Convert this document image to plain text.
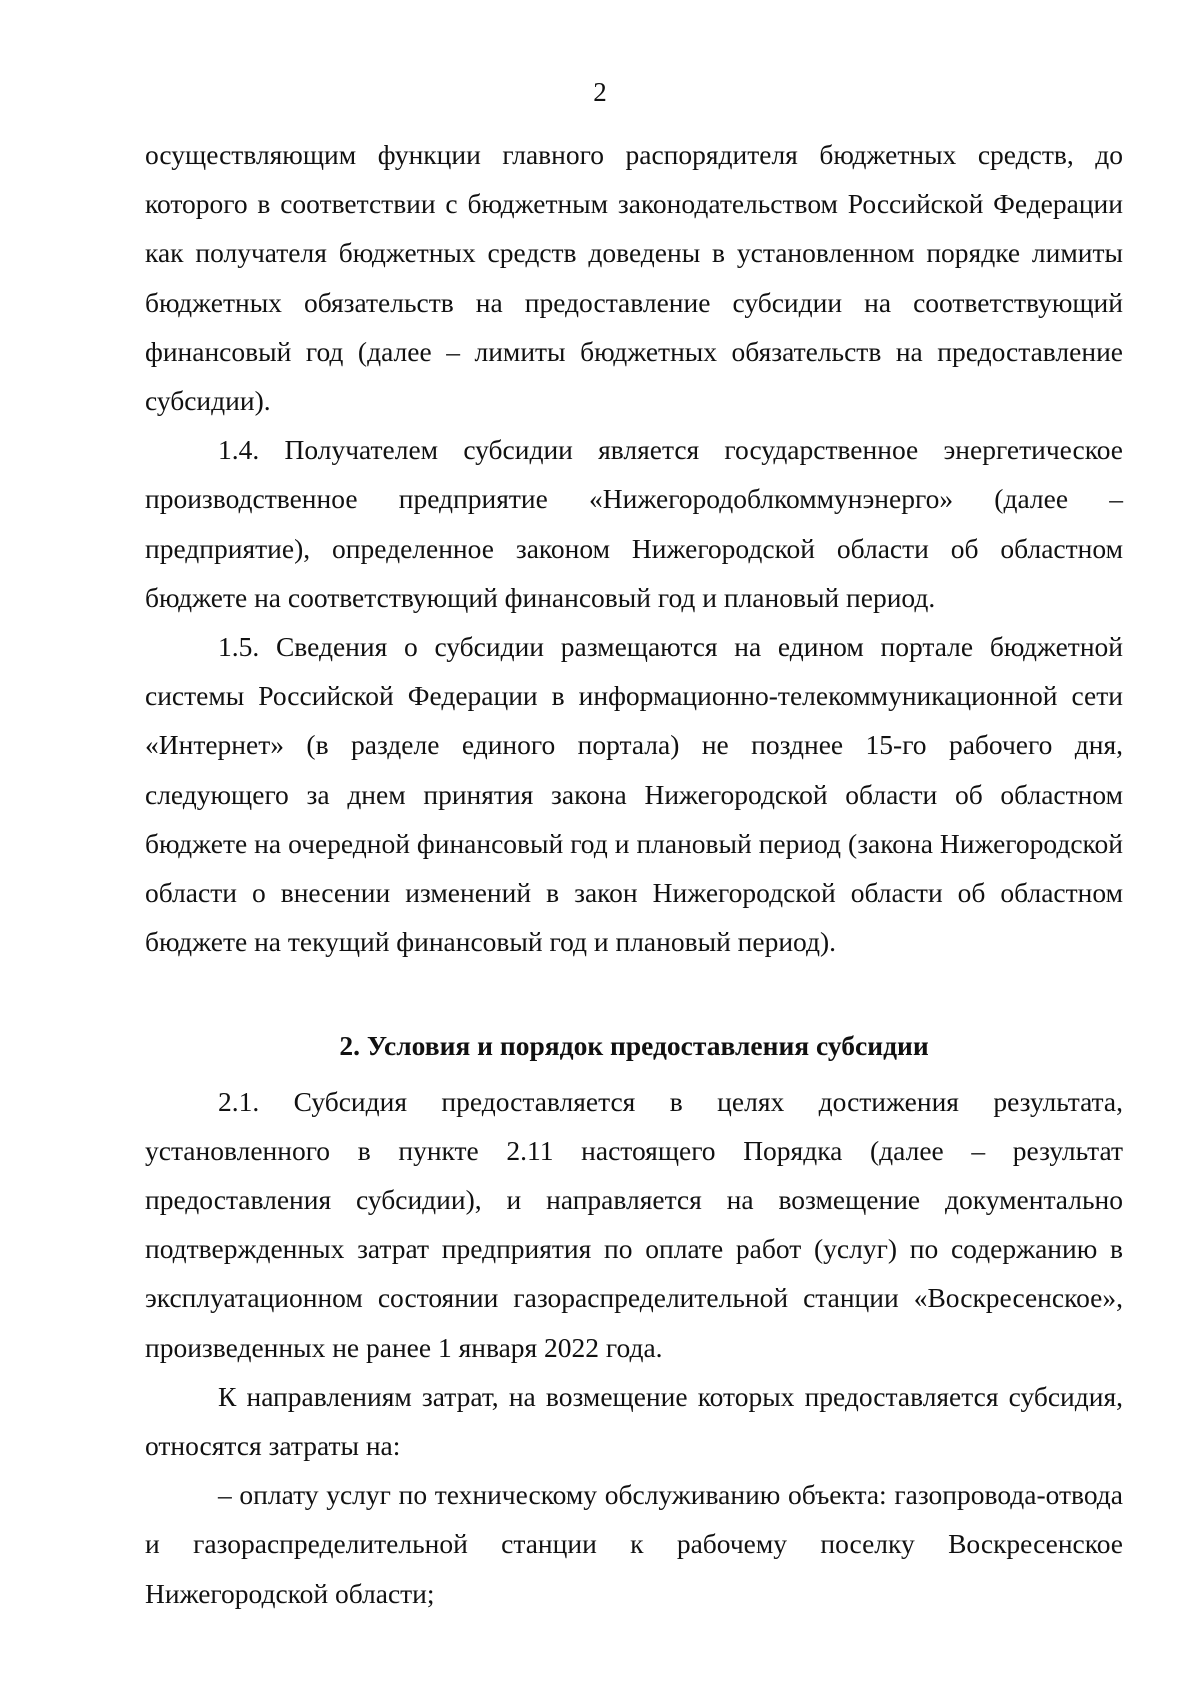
2

осуществляющим функции главного распорядителя бюджетных средств, до которого в соответствии с бюджетным законодательством Российской Федерации как получателя бюджетных средств доведены в установленном порядке лимиты бюджетных обязательств на предоставление субсидии на соответствующий финансовый год (далее – лимиты бюджетных обязательств на предоставление субсидии).

1.4. Получателем субсидии является государственное энергетическое производственное предприятие «Нижегородоблкоммунэнерго» (далее – предприятие), определенное законом Нижегородской области об областном бюджете на соответствующий финансовый год и плановый период.

1.5. Сведения о субсидии размещаются на едином портале бюджетной системы Российской Федерации в информационно-телекоммуникационной сети «Интернет» (в разделе единого портала) не позднее 15-го рабочего дня, следующего за днем принятия закона Нижегородской области об областном бюджете на очередной финансовый год и плановый период (закона Нижегородской области о внесении изменений в закон Нижегородской области об областном бюджете на текущий финансовый год и плановый период).

2. Условия и порядок предоставления субсидии

2.1. Субсидия предоставляется в целях достижения результата, установленного в пункте 2.11 настоящего Порядка (далее – результат предоставления субсидии), и направляется на возмещение документально подтвержденных затрат предприятия по оплате работ (услуг) по содержанию в эксплуатационном состоянии газораспределительной станции «Воскресенское», произведенных не ранее 1 января 2022 года.

К направлениям затрат, на возмещение которых предоставляется субсидия, относятся затраты на:

– оплату услуг по техническому обслуживанию объекта: газопровода-отвода и газораспределительной станции к рабочему поселку Воскресенское Нижегородской области;
